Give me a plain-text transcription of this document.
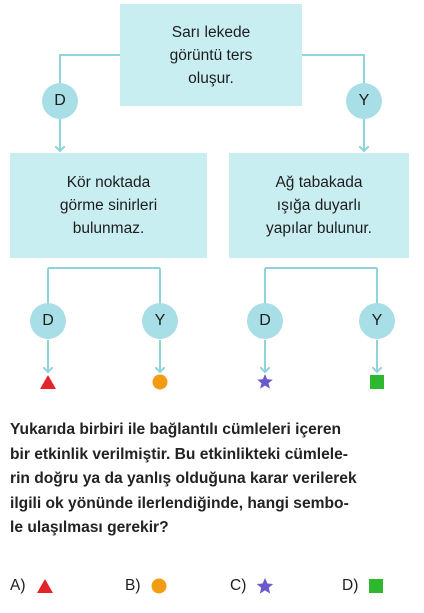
Sarı lekede
görüntü ters
oluşur.
Kör noktada
görme sinirleri
bulunmaz.
Ağ tabakada
ışığa duyarlı
yapılar bulunur.
D	Y
D	Y	D	Y
Yukarıda birbiri ile bağlantılı cümleleri içeren
bir etkinlik verilmiştir. Bu etkinlikteki cümlele-
rin doğru ya da yanlış olduğuna karar verilerek
ilgili ok yönünde ilerlendiğinde, hangi sembo-
le ulaşılması gerekir?
A)	B)	C)	D)
